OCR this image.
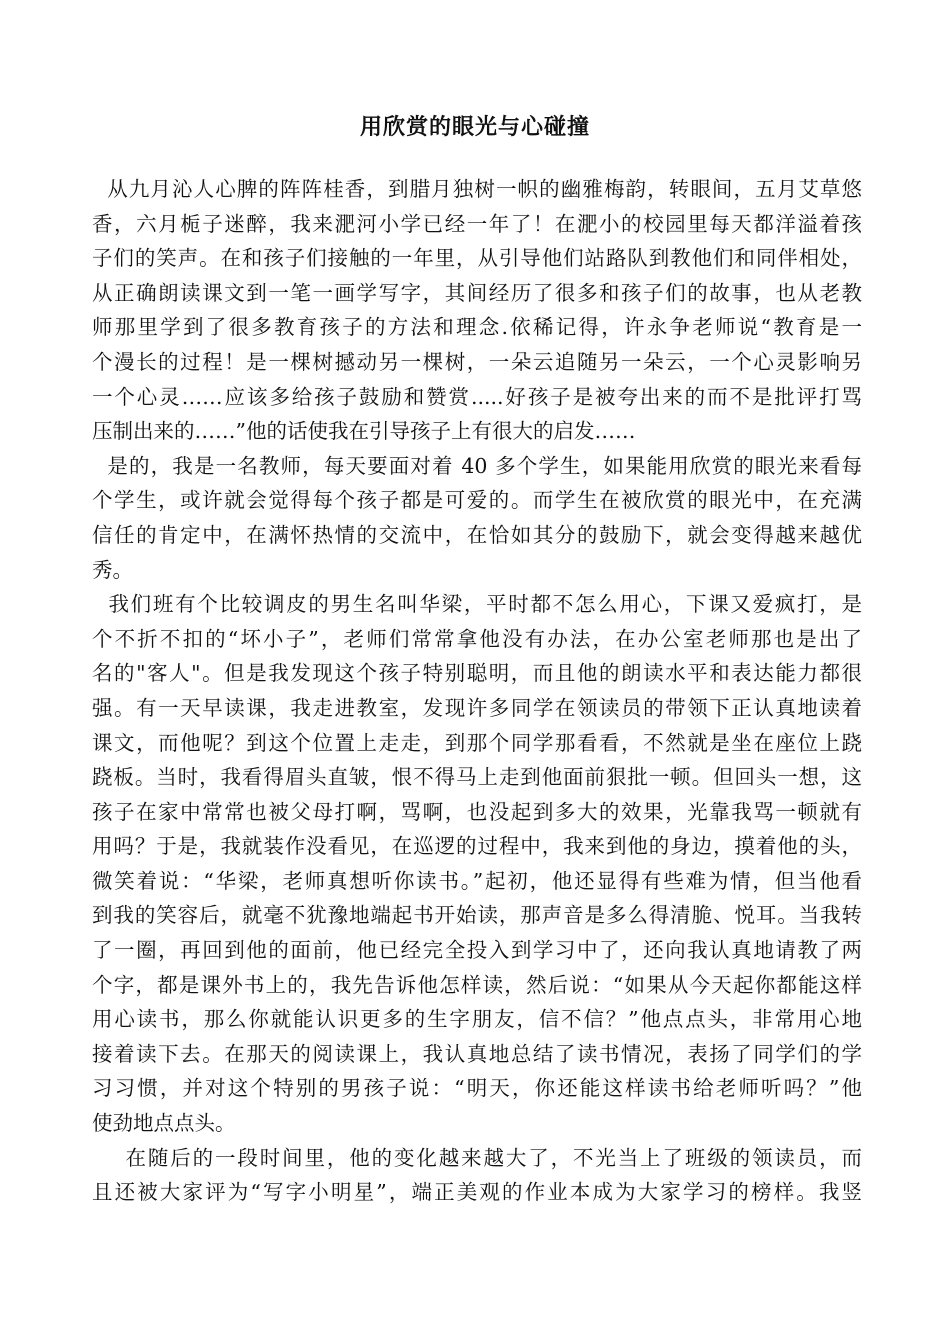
用欣赏的眼光与心碰撞
从九月沁人心脾的阵阵桂香，到腊月独树一帜的幽雅梅韵，转眼间，五月艾草悠
香，六月栀子迷醉，我来淝河小学已经一年了！在淝小的校园里每天都洋溢着孩
子们的笑声。在和孩子们接触的一年里，从引导他们站路队到教他们和同伴相处，
从正确朗读课文到一笔一画学写字，其间经历了很多和孩子们的故事，也从老教
师那里学到了很多教育孩子的方法和理念.依稀记得，许永争老师说“教育是一
个漫长的过程！是一棵树撼动另一棵树，一朵云追随另一朵云，一个心灵影响另
一个心灵……应该多给孩子鼓励和赞赏.....好孩子是被夸出来的而不是批评打骂
压制出来的……”他的话使我在引导孩子上有很大的启发……
是的，我是一名教师，每天要面对着 40 多个学生，如果能用欣赏的眼光来看每
个学生，或许就会觉得每个孩子都是可爱的。而学生在被欣赏的眼光中，在充满
信任的肯定中，在满怀热情的交流中，在恰如其分的鼓励下，就会变得越来越优
秀。
我们班有个比较调皮的男生名叫华梁，平时都不怎么用心，下课又爱疯打，是
个不折不扣的“坏小子”，老师们常常拿他没有办法，在办公室老师那也是出了
名的"客人"。但是我发现这个孩子特别聪明，而且他的朗读水平和表达能力都很
强。有一天早读课，我走进教室，发现许多同学在领读员的带领下正认真地读着
课文，而他呢？到这个位置上走走，到那个同学那看看，不然就是坐在座位上跷
跷板。当时，我看得眉头直皱，恨不得马上走到他面前狠批一顿。但回头一想，这
孩子在家中常常也被父母打啊，骂啊，也没起到多大的效果，光靠我骂一顿就有
用吗？于是，我就装作没看见，在巡逻的过程中，我来到他的身边，摸着他的头，
微笑着说：“华梁，老师真想听你读书。”起初，他还显得有些难为情，但当他看
到我的笑容后，就毫不犹豫地端起书开始读，那声音是多么得清脆、悦耳。当我转
了一圈，再回到他的面前，他已经完全投入到学习中了，还向我认真地请教了两
个字，都是课外书上的，我先告诉他怎样读，然后说：“如果从今天起你都能这样
用心读书，那么你就能认识更多的生字朋友，信不信？”他点点头，非常用心地
接着读下去。在那天的阅读课上，我认真地总结了读书情况，表扬了同学们的学
习习惯，并对这个特别的男孩子说：“明天，你还能这样读书给老师听吗？”他
使劲地点点头。
在随后的一段时间里，他的变化越来越大了，不光当上了班级的领读员，而
且还被大家评为“写字小明星”，端正美观的作业本成为大家学习的榜样。我竖
